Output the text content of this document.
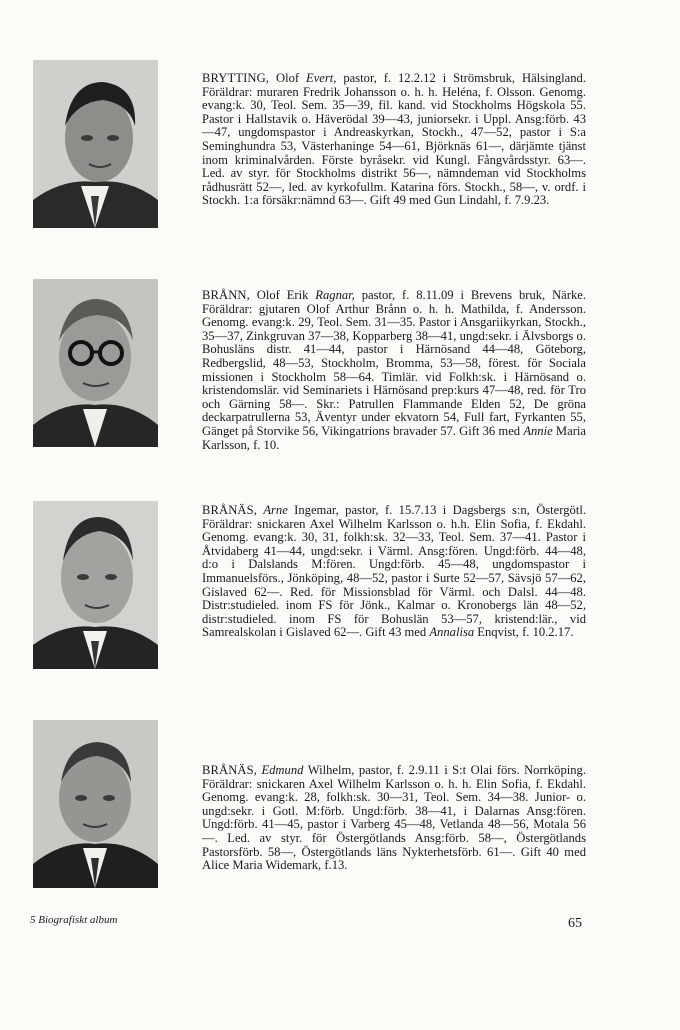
BRYTTING, Olof Evert, pastor, f. 12.2.12 i Strömsbruk, Hälsingland. Föräldrar: muraren Fredrik Johansson o. h. h. Heléna, f. Olsson. Genomg. evang:k. 30, Teol. Sem. 35—39, fil. kand. vid Stockholms Högskola 55. Pastor i Hallstavik o. Häverödal 39—43, juniorsekr. i Uppl. Ansg:förb. 43—47, ungdomspastor i Andreaskyrkan, Stockh., 47—52, pastor i S:a Seminghundra 53, Västerhaninge 54—61, Björknäs 61—, därjämte tjänst inom kriminalvården. Förste byråsekr. vid Kungl. Fångvårdsstyr. 63—. Led. av styr. för Stockholms distrikt 56—, nämndeman vid Stockholms rådhusrätt 52—, led. av kyrkofullm. Katarina förs. Stockh., 58—, v. ordf. i Stockh. 1:a försäkr:nämnd 63—. Gift 49 med Gun Lindahl, f. 7.9.23.
BRÅNN, Olof Erik Ragnar, pastor, f. 8.11.09 i Brevens bruk, Närke. Föräldrar: gjutaren Olof Arthur Brånn o. h. h. Mathilda, f. Andersson. Genomg. evang:k. 29, Teol. Sem. 31—35. Pastor i Ansgariikyrkan, Stockh., 35—37, Zinkgruvan 37—38, Kopparberg 38—41, ungd:sekr. i Älvsborgs o. Bohusläns distr. 41—44, pastor i Härnösand 44—48, Göteborg, Redbergslid, 48—53, Stockholm, Bromma, 53—58, förest. för Sociala missionen i Stockholm 58—64. Timlär. vid Folkh:sk. i Härnösand o. kristendomslär. vid Seminariets i Härnösand prep:kurs 47—48, red. för Tro och Gärning 58—. Skr.: Patrullen Flammande Elden 52, De gröna deckarpatrullerna 53, Äventyr under ekvatorn 54, Full fart, Fyrkanten 55, Gänget på Storvike 56, Vikingatrions bravader 57. Gift 36 med Annie Maria Karlsson, f. 10.
BRÅNÄS, Arne Ingemar, pastor, f. 15.7.13 i Dagsbergs s:n, Östergötl. Föräldrar: snickaren Axel Wilhelm Karlsson o. h.h. Elin Sofia, f. Ekdahl. Genomg. evang:k. 30, 31, folkh:sk. 32—33, Teol. Sem. 37—41. Pastor i Åtvidaberg 41—44, ungd:sekr. i Värml. Ansg:fören. Ungd:förb. 44—48, d:o i Dalslands M:fören. Ungd:förb. 45—48, ungdomspastor i Immanuelsförs., Jönköping, 48—52, pastor i Surte 52—57, Sävsjö 57—62, Gislaved 62—. Red. för Missionsblad för Värml. och Dalsl. 44—48. Distr:studieled. inom FS för Jönk., Kalmar o. Kronobergs län 48—52, distr:studieled. inom FS för Bohuslän 53—57, kristend:lär., vid Samrealskolan i Gislaved 62—. Gift 43 med Annalisa Enqvist, f. 10.2.17.
BRÅNÄS, Edmund Wilhelm, pastor, f. 2.9.11 i S:t Olai förs. Norrköping. Föräldrar: snickaren Axel Wilhelm Karlsson o. h. h. Elin Sofia, f. Ekdahl. Genomg. evang:k. 28, folkh:sk. 30—31, Teol. Sem. 34—38. Junior- o. ungd:sekr. i Gotl. M:förb. Ungd:förb. 38—41, i Dalarnas Ansg:fören. Ungd:förb. 41—45, pastor i Varberg 45—48, Vetlanda 48—56, Motala 56—. Led. av styr. för Östergötlands Ansg:förb. 58—, Östergötlands Pastorsförb. 58—, Östergötlands läns Nykterhetsförb. 61—. Gift 40 med Alice Maria Widemark, f.13.
5 Biografiskt album	65
